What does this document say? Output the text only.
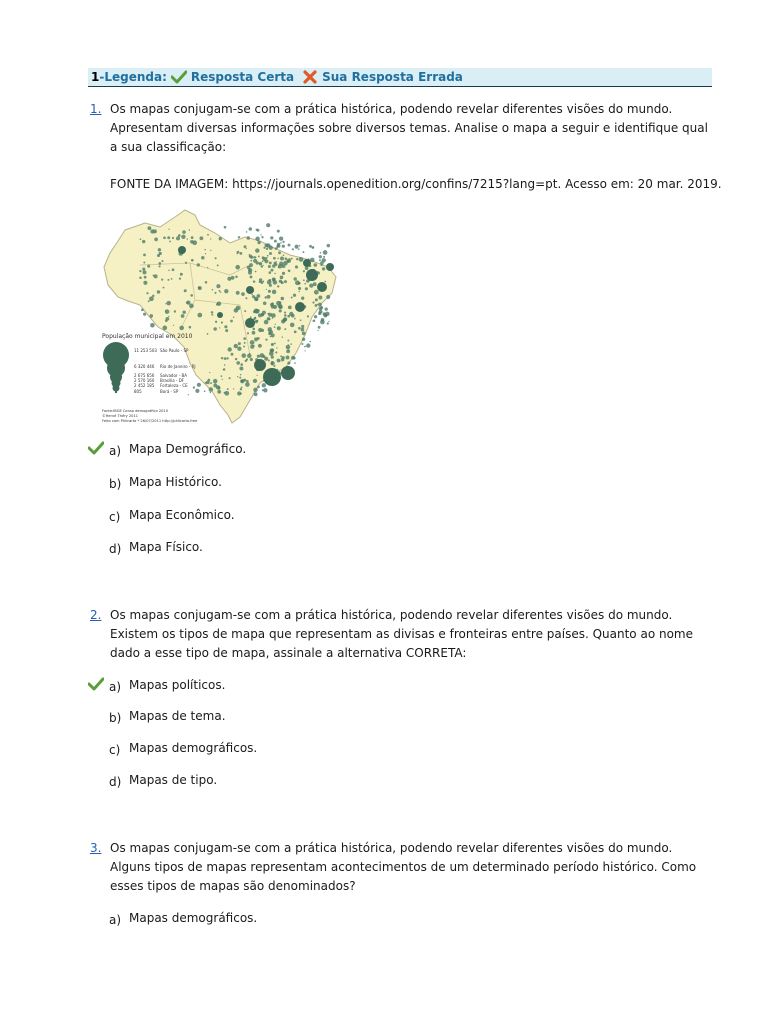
1 - Legenda: Resposta Certa Sua Resposta Errada
1. Os mapas conjugam-se com a prática histórica, podendo revelar diferentes visões do mundo.
Apresentam diversas informações sobre diversos temas. Analise o mapa a seguir e identifique qual a sua classificação:
FONTE DA IMAGEM: https://journals.openedition.org/confins/7215?lang=pt. Acesso em: 20 mar. 2019.
População municipal em 2010
11 253 503 São Paulo - SP
6 320 446 Rio de Janeiro - RJ
2 675 656 Salvador - BA
2 570 160 Brasília - DF
2 452 185 Fortaleza - CE
805	Borá - SP
Fonte:IBGE Censo demográfico 2010
©Hervé Théry 2011
Feito com Philcarto * 26/07/2011 http://philcarto.free
a) Mapa Demográfico.
b) Mapa Histórico.
c) Mapa Econômico.
d) Mapa Físico.
2. Os mapas conjugam-se com a prática histórica, podendo revelar diferentes visões do mundo. Existem os tipos de mapa que representam as divisas e fronteiras entre países. Quanto ao nome dado a esse tipo de mapa, assinale a alternativa CORRETA:
a) Mapas políticos.
b) Mapas de tema.
c) Mapas demográficos.
d) Mapas de tipo.
3. Os mapas conjugam-se com a prática histórica, podendo revelar diferentes visões do mundo. Alguns tipos de mapas representam acontecimentos de um determinado período histórico. Como esses tipos de mapas são denominados?
a) Mapas demográficos.
